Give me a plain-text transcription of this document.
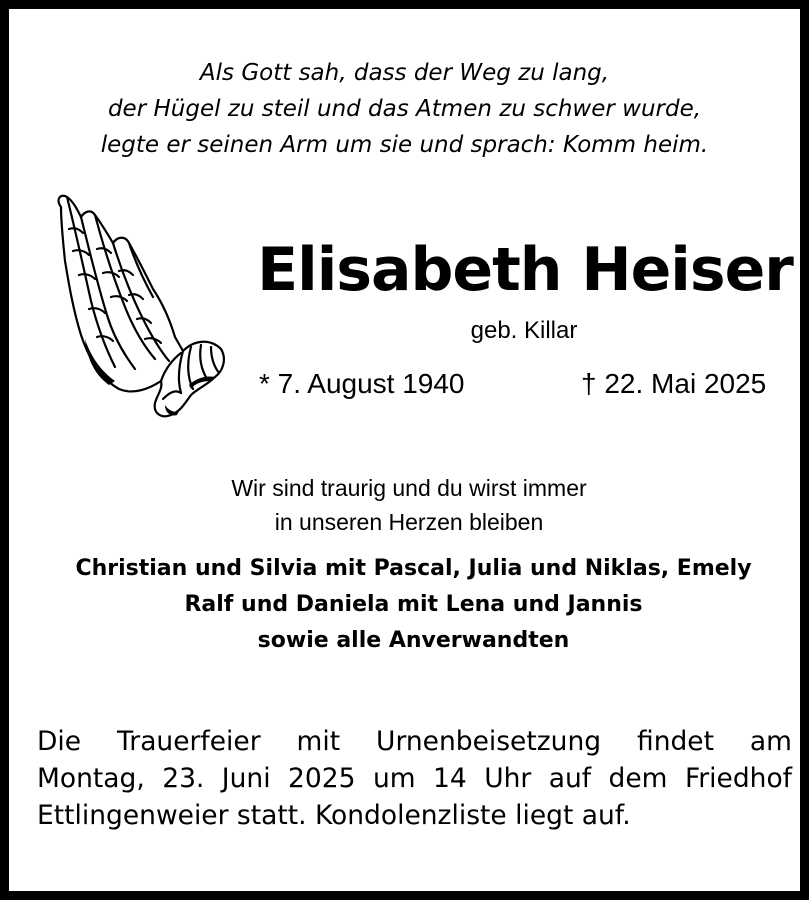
Als Gott sah, dass der Weg zu lang,
der Hügel zu steil und das Atmen zu schwer wurde,
legte er seinen Arm um sie und sprach: Komm heim.
Elisabeth Heiser
geb. Killar
* 7. August 1940	† 22. Mai 2025
Wir sind traurig und du wirst immer
in unseren Herzen bleiben
Christian und Silvia mit Pascal, Julia und Niklas, Emely
Ralf und Daniela mit Lena und Jannis
sowie alle Anverwandten
Die Trauerfeier mit Urnenbeisetzung findet am
Montag, 23. Juni 2025 um 14 Uhr auf dem Friedhof
Ettlingenweier statt. Kondolenzliste liegt auf.
